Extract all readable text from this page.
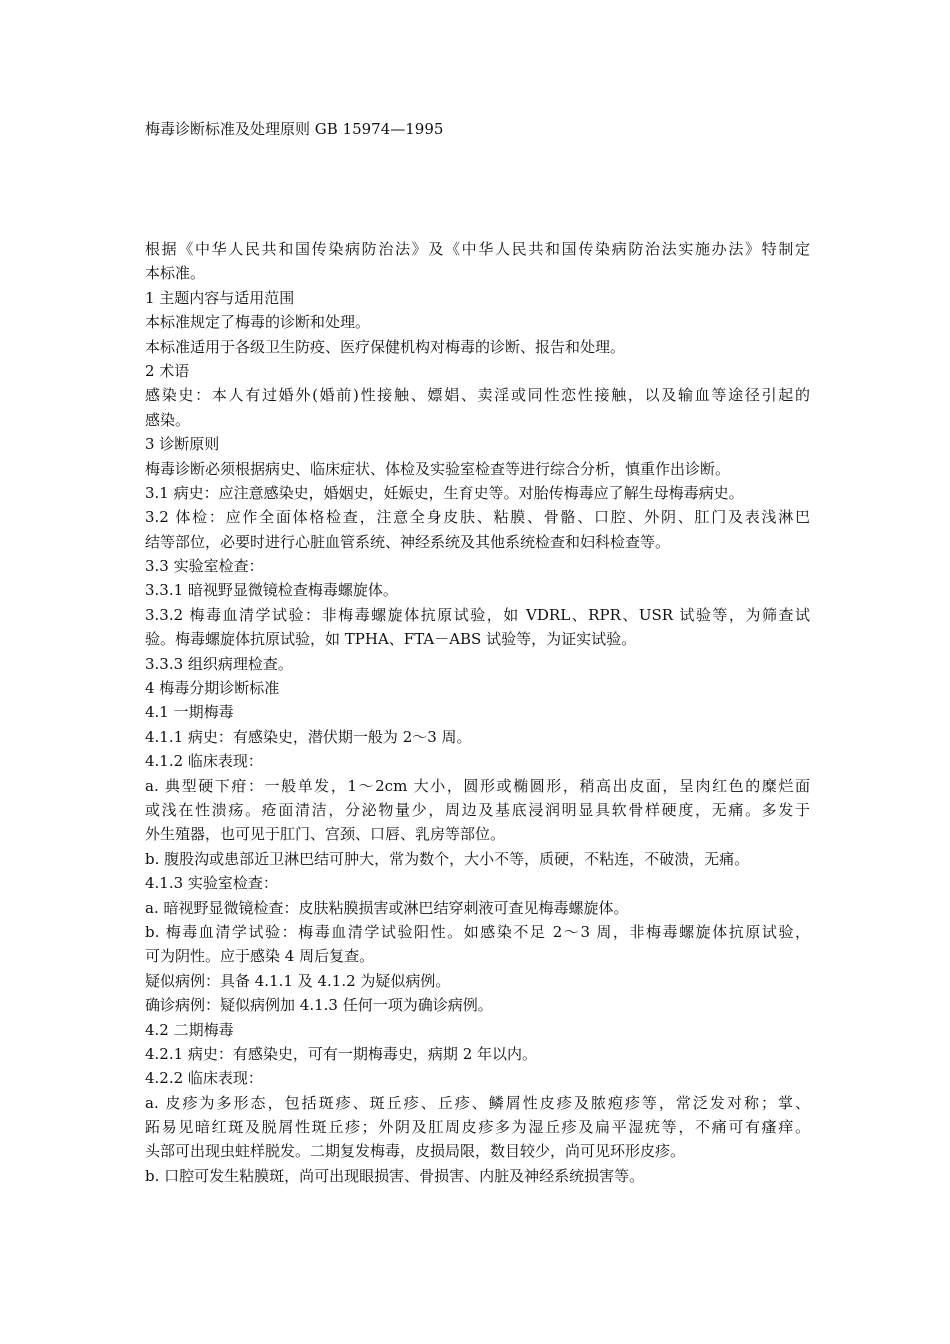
梅毒诊断标准及处理原则 GB 15974—1995
根据《中华人民共和国传染病防治法》及《中华人民共和国传染病防治法实施办法》特制定
本标准。
1 主题内容与适用范围
本标准规定了梅毒的诊断和处理。
本标准适用于各级卫生防疫、医疗保健机构对梅毒的诊断、报告和处理。
2 术语
感染史：本人有过婚外(婚前)性接触、嫖娼、卖淫或同性恋性接触，以及输血等途径引起的
感染。
3 诊断原则
梅毒诊断必须根据病史、临床症状、体检及实验室检查等进行综合分析，慎重作出诊断。
3.1 病史：应注意感染史，婚姻史，妊娠史，生育史等。对胎传梅毒应了解生母梅毒病史。
3.2 体检：应作全面体格检查，注意全身皮肤、粘膜、骨骼、口腔、外阴、肛门及表浅淋巴
结等部位，必要时进行心脏血管系统、神经系统及其他系统检查和妇科检查等。
3.3 实验室检查：
3.3.1 暗视野显微镜检查梅毒螺旋体。
3.3.2 梅毒血清学试验：非梅毒螺旋体抗原试验，如 VDRL、RPR、USR 试验等，为筛查试
验。梅毒螺旋体抗原试验，如 TPHA、FTA－ABS 试验等，为证实试验。
3.3.3 组织病理检查。
4 梅毒分期诊断标准
4.1 一期梅毒
4.1.1 病史：有感染史，潜伏期一般为 2～3 周。
4.1.2 临床表现：
a. 典型硬下疳：一般单发，1～2cm 大小，圆形或椭圆形，稍高出皮面，呈肉红色的糜烂面
或浅在性溃疡。疮面清洁，分泌物量少，周边及基底浸润明显具软骨样硬度，无痛。多发于
外生殖器，也可见于肛门、宫颈、口唇、乳房等部位。
b. 腹股沟或患部近卫淋巴结可肿大，常为数个，大小不等，质硬，不粘连，不破溃，无痛。
4.1.3 实验室检查：
a. 暗视野显微镜检查：皮肤粘膜损害或淋巴结穿刺液可查见梅毒螺旋体。
b. 梅毒血清学试验：梅毒血清学试验阳性。如感染不足 2～3 周，非梅毒螺旋体抗原试验，
可为阴性。应于感染 4 周后复查。
疑似病例：具备 4.1.1 及 4.1.2 为疑似病例。
确诊病例：疑似病例加 4.1.3 任何一项为确诊病例。
4.2 二期梅毒
4.2.1 病史：有感染史，可有一期梅毒史，病期 2 年以内。
4.2.2 临床表现：
a. 皮疹为多形态，包括斑疹、斑丘疹、丘疹、鳞屑性皮疹及脓疱疹等，常泛发对称；掌、
跖易见暗红斑及脱屑性斑丘疹；外阴及肛周皮疹多为湿丘疹及扁平湿疣等，不痛可有瘙痒。
头部可出现虫蛀样脱发。二期复发梅毒，皮损局限，数目较少，尚可见环形皮疹。
b. 口腔可发生粘膜斑，尚可出现眼损害、骨损害、内脏及神经系统损害等。
